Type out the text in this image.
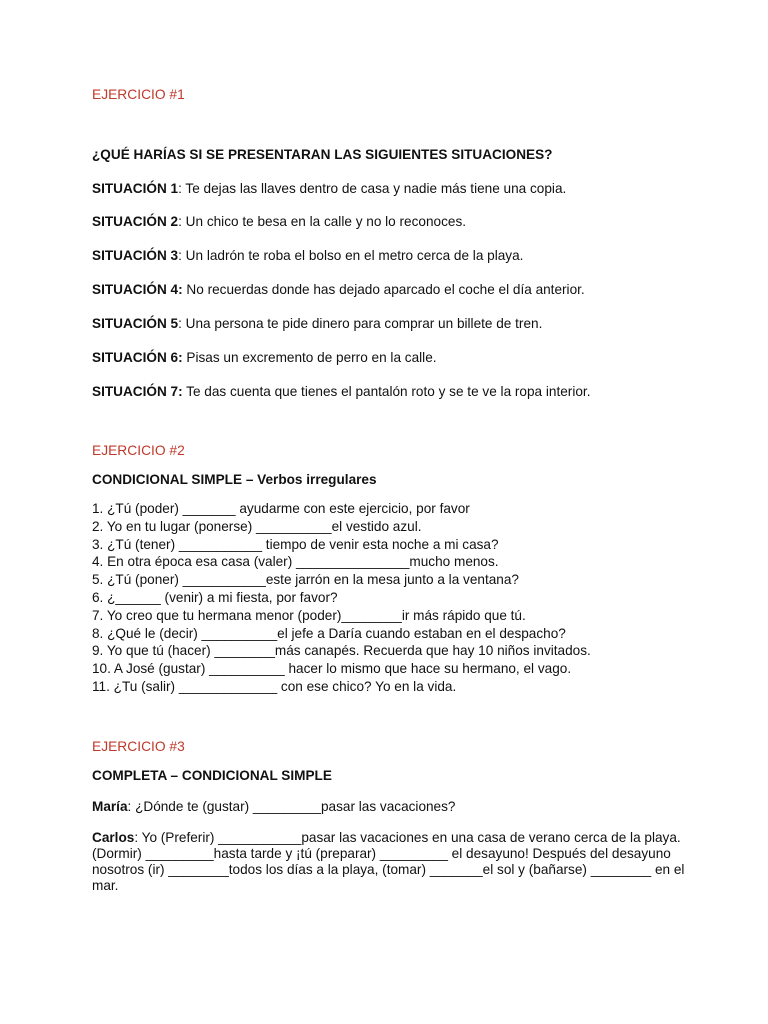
EJERCICIO #1
¿QUÉ HARÍAS SI SE PRESENTARAN LAS SIGUIENTES SITUACIONES?
SITUACIÓN 1: Te dejas las llaves dentro de casa y nadie más tiene una copia.
SITUACIÓN 2: Un chico te besa en la calle y no lo reconoces.
SITUACIÓN 3: Un ladrón te roba el bolso en el metro cerca de la playa.
SITUACIÓN 4: No recuerdas donde has dejado aparcado el coche el día anterior.
SITUACIÓN 5: Una persona te pide dinero para comprar un billete de tren.
SITUACIÓN 6: Pisas un excremento de perro en la calle.
SITUACIÓN 7: Te das cuenta que tienes el pantalón roto y se te ve la ropa interior.
EJERCICIO #2
CONDICIONAL SIMPLE – Verbos irregulares
1. ¿Tú (poder) _______ ayudarme con este ejercicio, por favor
2. Yo en tu lugar (ponerse) __________el vestido azul.
3. ¿Tú (tener) ___________ tiempo de venir esta noche a mi casa?
4. En otra época esa casa (valer) _______________mucho menos.
5. ¿Tú (poner) ___________este jarrón en la mesa junto a la ventana?
6. ¿______ (venir) a mi fiesta, por favor?
7. Yo creo que tu hermana menor (poder)________ir más rápido que tú.
8. ¿Qué le (decir) __________el jefe a Daría cuando estaban en el despacho?
9. Yo que tú (hacer) ________más canapés. Recuerda que hay 10 niños invitados.
10. A José (gustar) __________ hacer lo mismo que hace su hermano, el vago.
11. ¿Tu (salir) _____________ con ese chico? Yo en la vida.
EJERCICIO #3
COMPLETA – CONDICIONAL SIMPLE
María: ¿Dónde te (gustar) _________pasar las vacaciones?
Carlos: Yo (Preferir) ___________pasar las vacaciones en una casa de verano cerca de la playa. (Dormir) _________hasta tarde y ¡tú (preparar) _________ el desayuno! Después del desayuno nosotros (ir) ________todos los días a la playa, (tomar) _______el sol y (bañarse) ________ en el mar.
